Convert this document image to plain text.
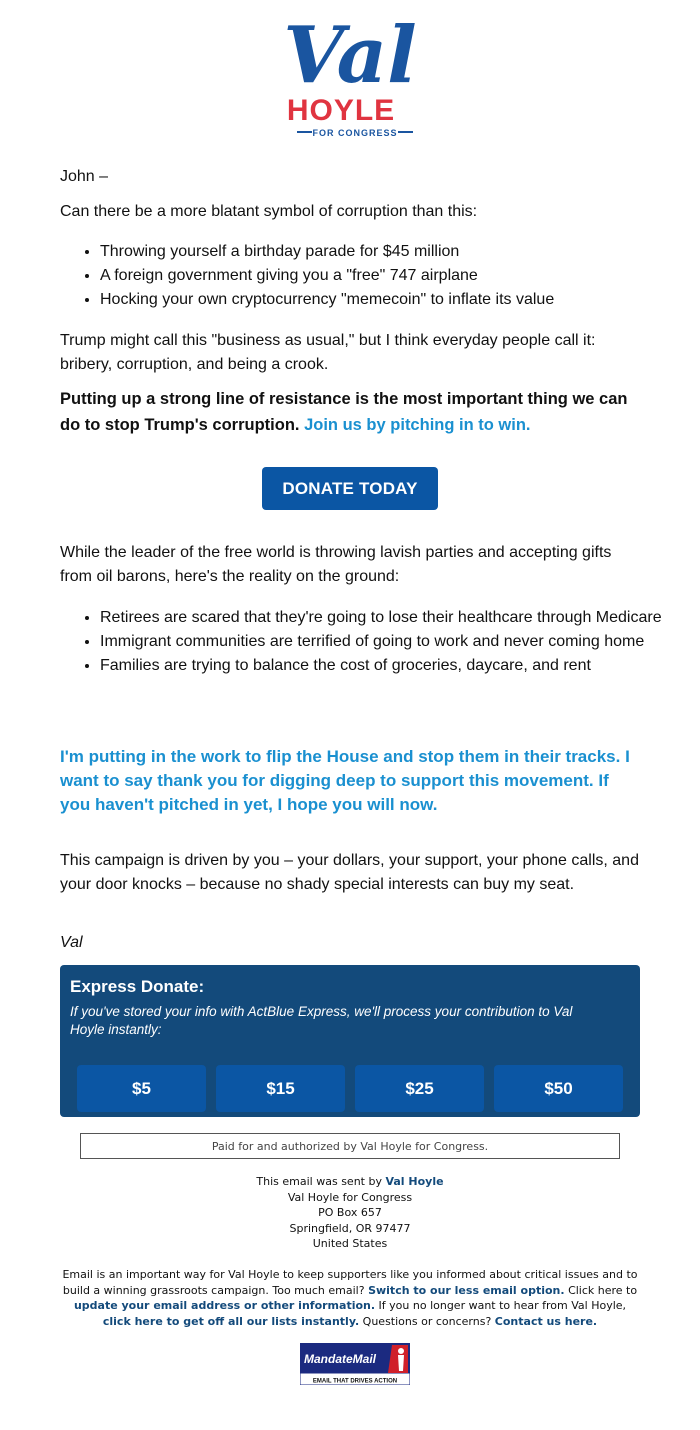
Val
HOYLE
FOR CONGRESS

John –

Can there be a more blatant symbol of corruption than this:

• Throwing yourself a birthday parade for $45 million
• A foreign government giving you a "free" 747 airplane
• Hocking your own cryptocurrency "memecoin" to inflate its value

Trump might call this "business as usual," but I think everyday people call it: bribery, corruption, and being a crook.

Putting up a strong line of resistance is the most important thing we can do to stop Trump's corruption. Join us by pitching in to win.

DONATE TODAY

While the leader of the free world is throwing lavish parties and accepting gifts from oil barons, here's the reality on the ground:

• Retirees are scared that they're going to lose their healthcare through Medicare
• Immigrant communities are terrified of going to work and never coming home
• Families are trying to balance the cost of groceries, daycare, and rent

I'm putting in the work to flip the House and stop them in their tracks. I want to say thank you for digging deep to support this movement. If you haven't pitched in yet, I hope you will now.

This campaign is driven by you – your dollars, your support, your phone calls, and your door knocks – because no shady special interests can buy my seat.

Val

Express Donate:
If you've stored your info with ActBlue Express, we'll process your contribution to Val Hoyle instantly:
$5	$15	$25	$50
Paid for and authorized by Val Hoyle for Congress.
This email was sent by Val Hoyle
Val Hoyle for Congress
PO Box 657
Springfield, OR 97477
United States
Email is an important way for Val Hoyle to keep supporters like you informed about critical issues and to build a winning grassroots campaign. Too much email? Switch to our less email option. Click here to update your email address or other information. If you no longer want to hear from Val Hoyle, click here to get off all our lists instantly. Questions or concerns? Contact us here.
MandateMail
EMAIL THAT DRIVES ACTION
